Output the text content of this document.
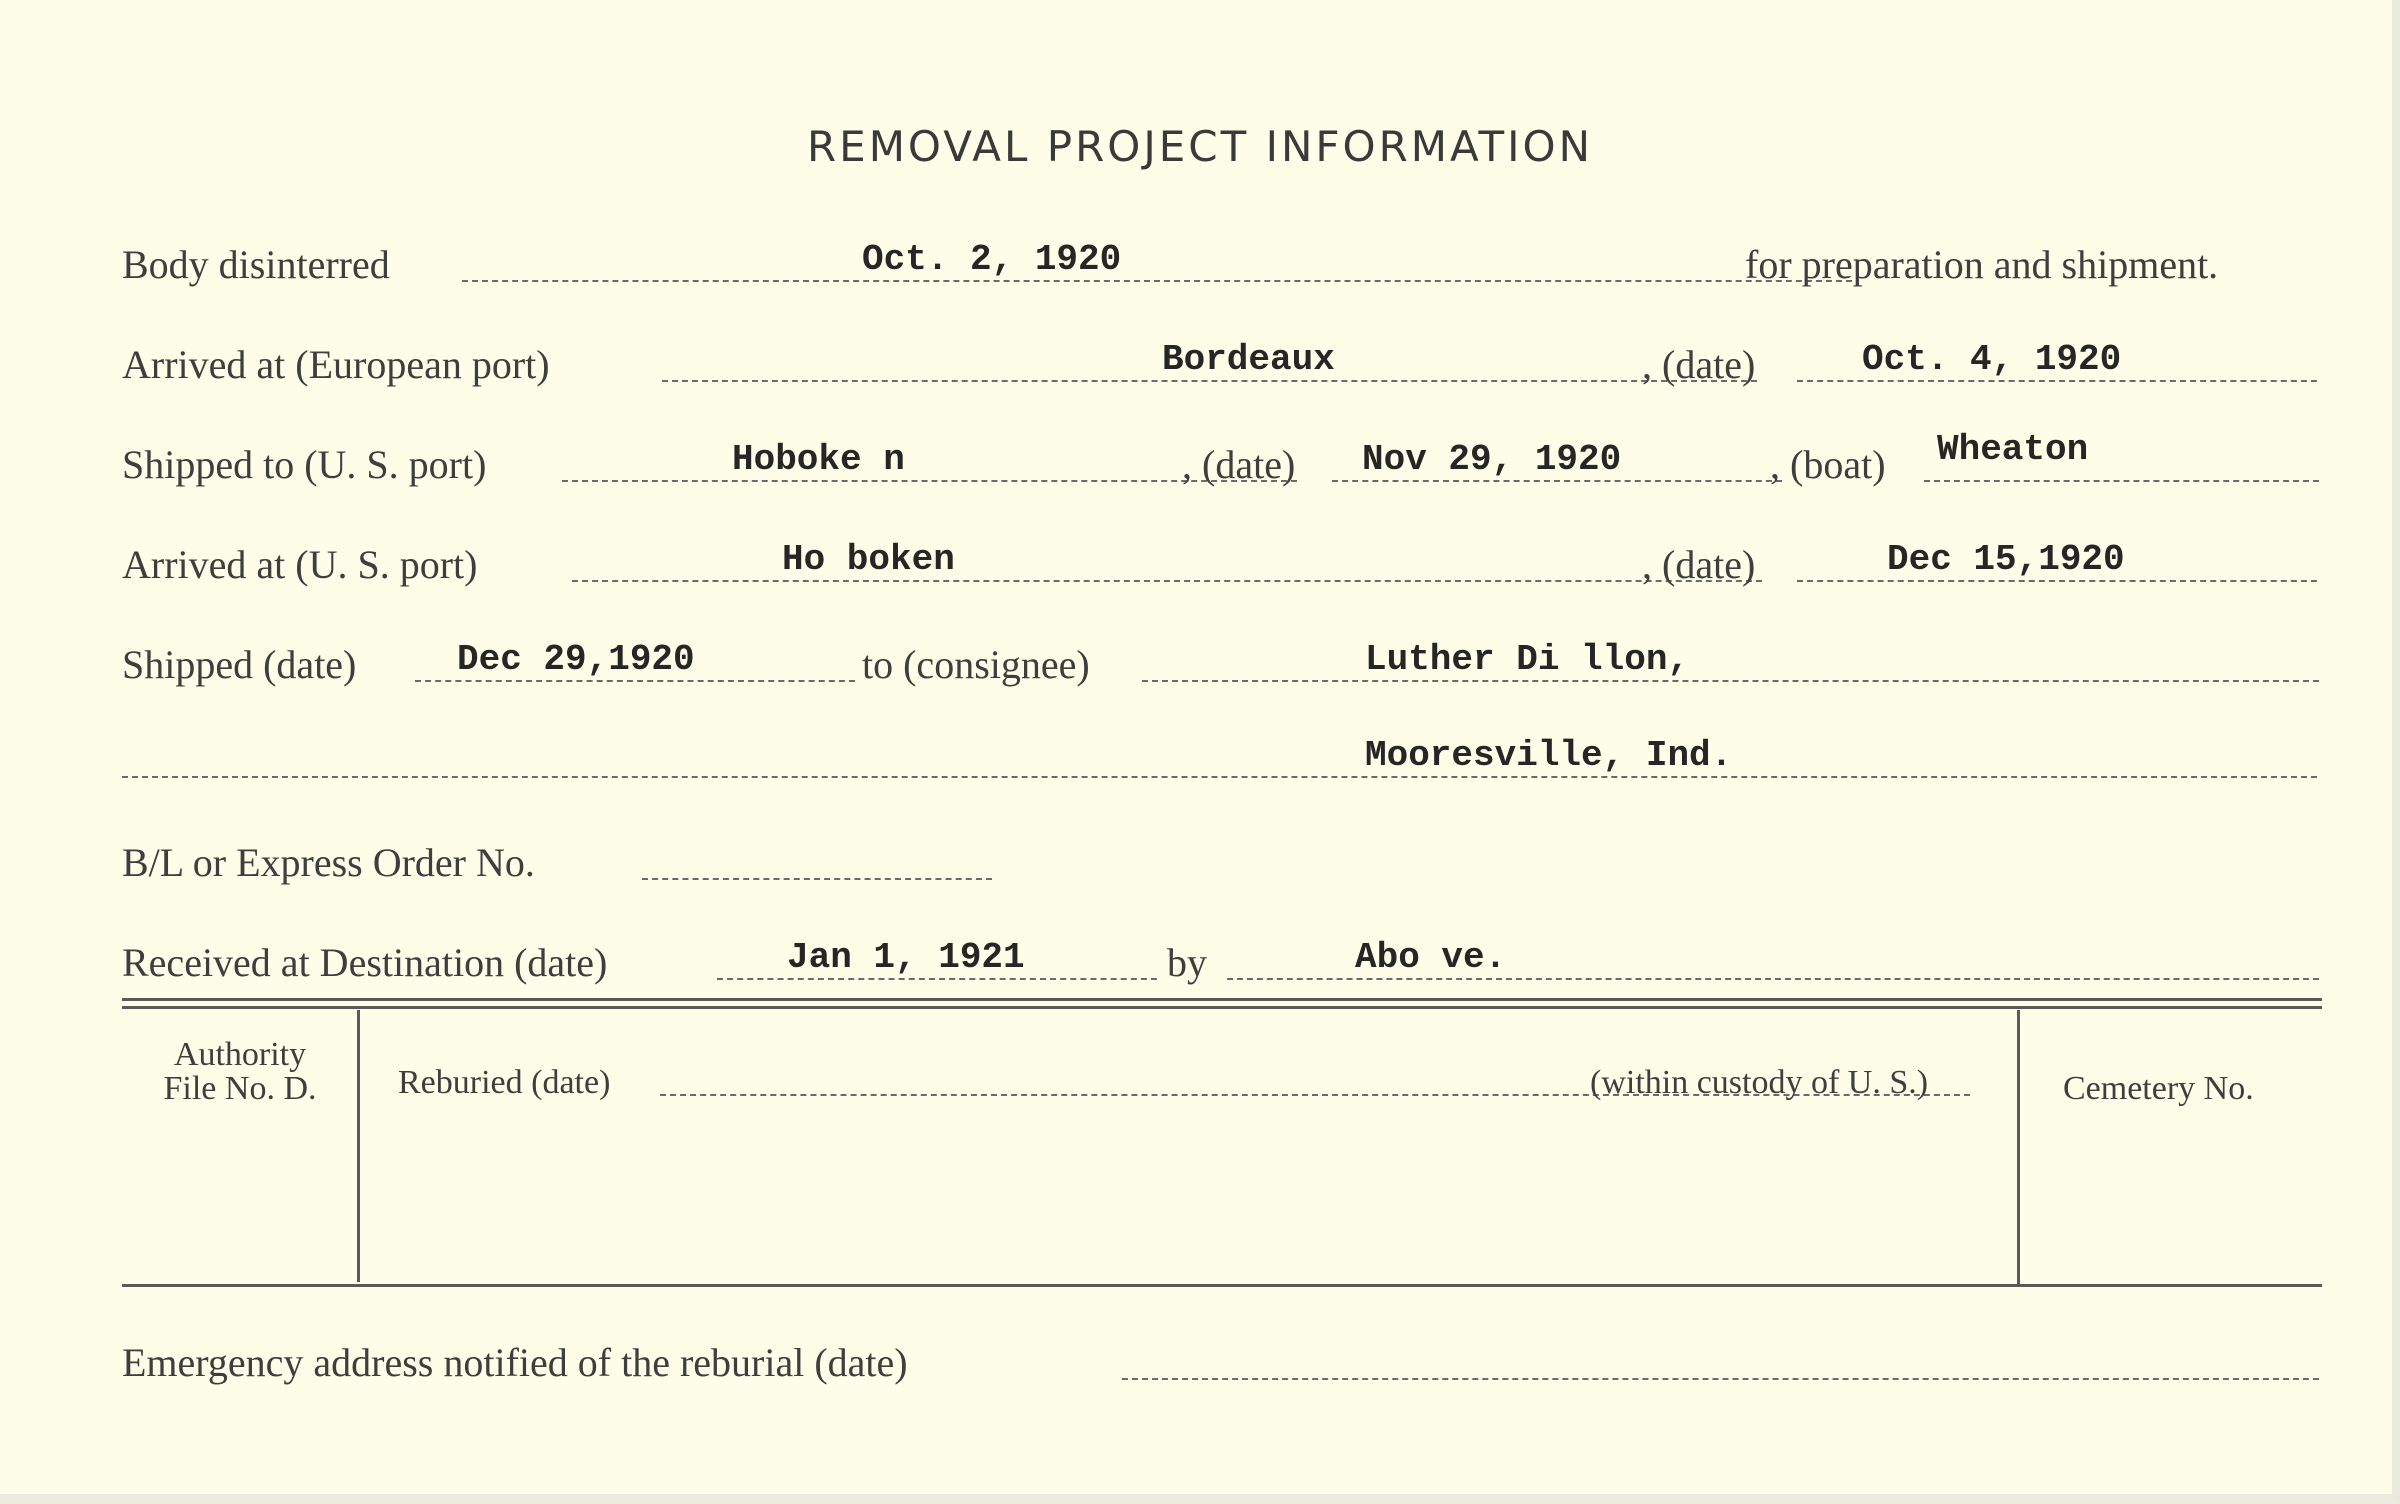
REMOVAL PROJECT INFORMATION
Body disinterred	Oct. 2, 1920	for preparation and shipment.
Arrived at (European port)	Bordeaux	, (date)	Oct. 4, 1920
Shipped to (U. S. port)	Hoboke n	, (date) Nov 29, 1920	, (boat) Wheaton
Arrived at (U. S. port)	Ho boken	, (date)	Dec 15,1920
Shipped (date)	Dec 29,1920	to (consignee)	Luther Di llon,
Mooresville, Ind.
B/L or Express Order No.
Received at Destination (date)	Jan 1, 1921	by	Abo ve.
Authority
File No. D.	Reburied (date)	(within custody of U. S.)	Cemetery No.
Emergency address notified of the reburial (date)
